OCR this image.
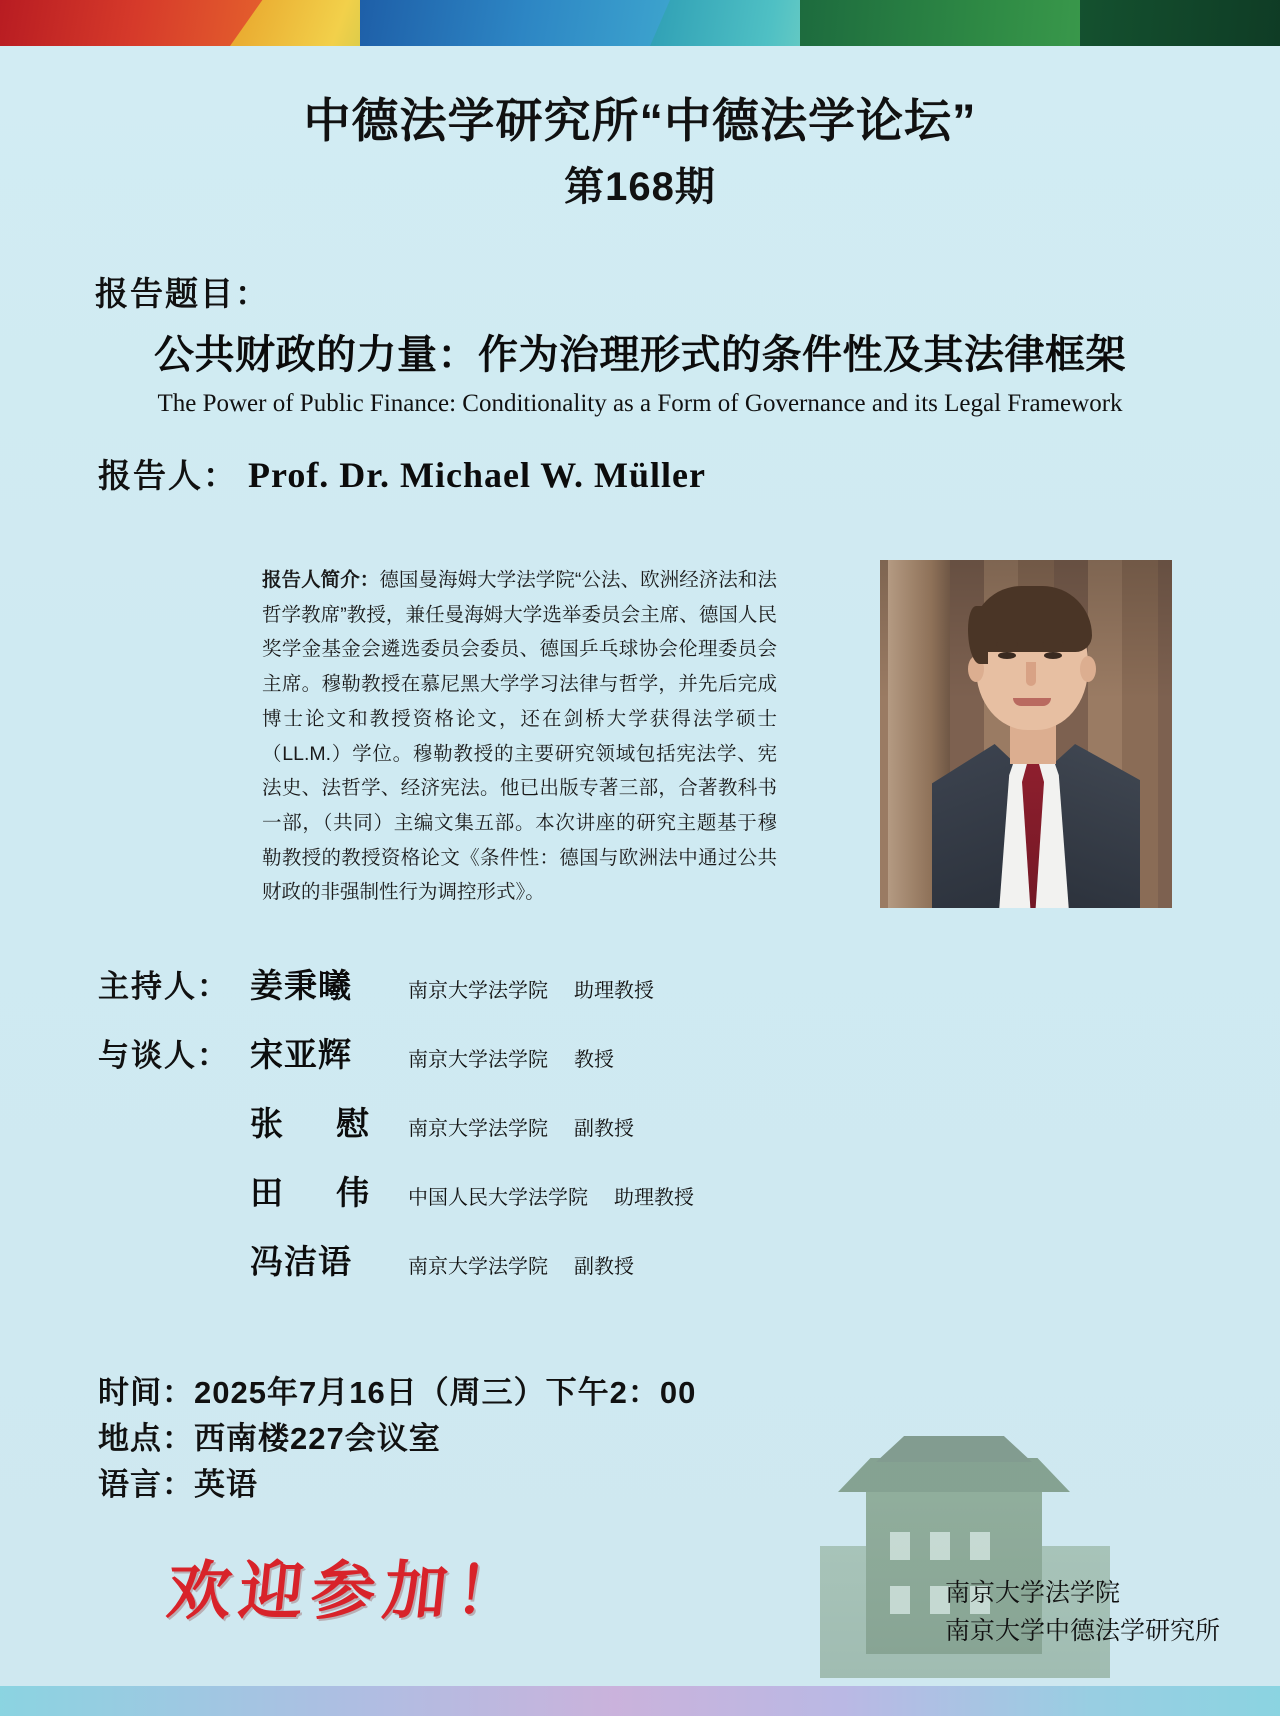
中德法学研究所“中德法学论坛”
第168期
报告题目：
公共财政的力量：作为治理形式的条件性及其法律框架
The Power of Public Finance: Conditionality as a Form of Governance and its Legal Framework
报告人： Prof. Dr. Michael W. Müller
报告人简介：德国曼海姆大学法学院“公法、欧洲经济法和法哲学教席”教授，兼任曼海姆大学选举委员会主席、德国人民奖学金基金会遴选委员会委员、德国乒乓球协会伦理委员会主席。穆勒教授在慕尼黑大学学习法律与哲学，并先后完成博士论文和教授资格论文，还在剑桥大学获得法学硕士（LL.M.）学位。穆勒教授的主要研究领域包括宪法学、宪法史、法哲学、经济宪法。他已出版专著三部，合著教科书一部，（共同）主编文集五部。本次讲座的研究主题基于穆勒教授的教授资格论文《条件性：德国与欧洲法中通过公共财政的非强制性行为调控形式》。
主持人： 姜秉曦	南京大学法学院 助理教授
与谈人： 宋亚辉	南京大学法学院 教授
张 慰 南京大学法学院 副教授
田 伟 中国人民大学法学院 助理教授
冯洁语	南京大学法学院 副教授
时间：2025年7月16日（周三）下午2：00
地点：西南楼227会议室
语言：英语
欢迎参加！	南京大学法学院
南京大学中德法学研究所
